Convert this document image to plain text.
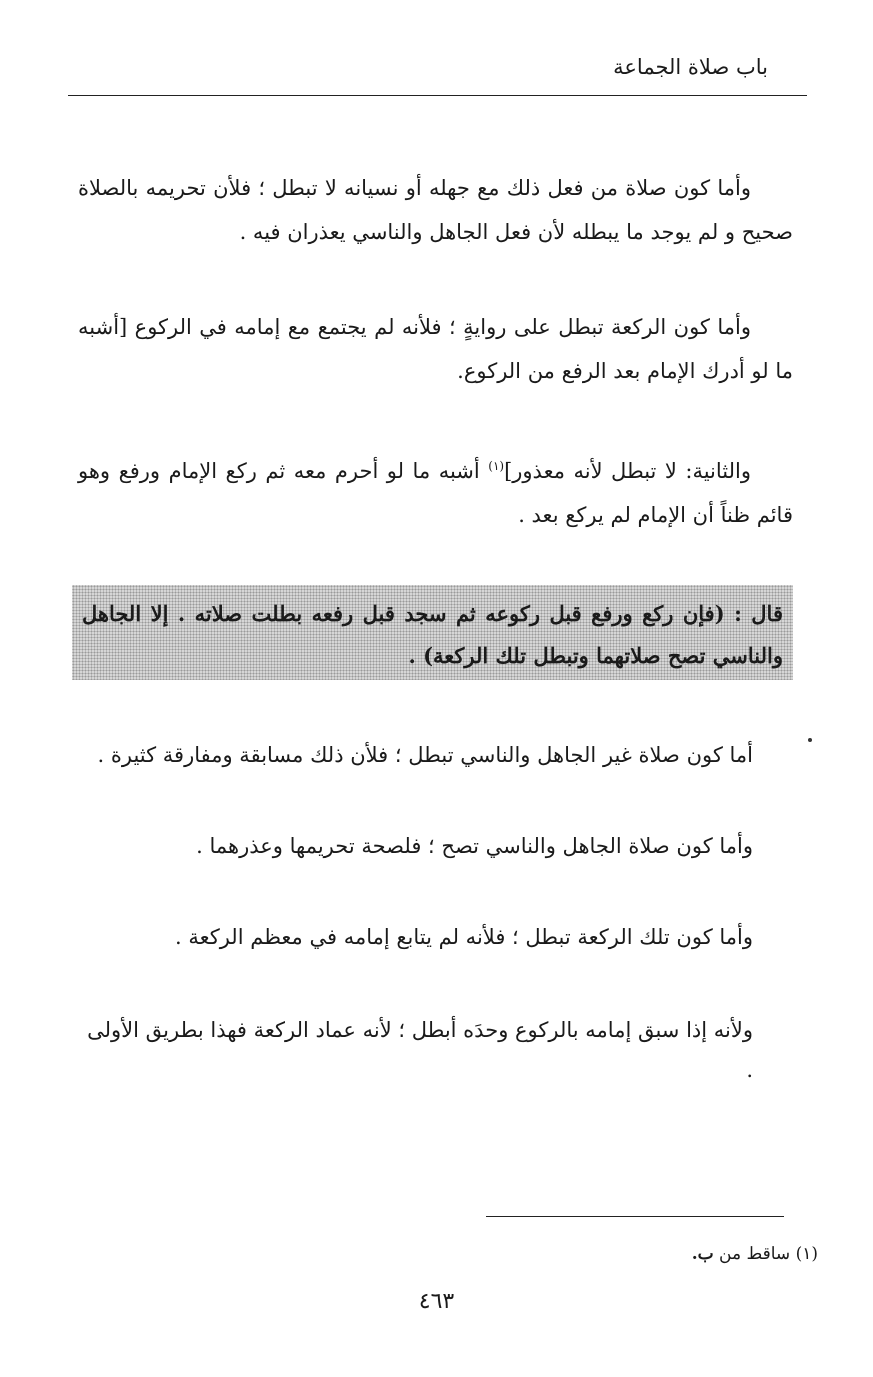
باب صلاة الجماعة

وأما كون صلاة من فعل ذلك مع جهله أو نسيانه لا تبطل ؛ فلأن تحريمه بالصلاة صحيح و لم يوجد ما يبطله لأن فعل الجاهل والناسي يعذران فيه .

وأما كون الركعة تبطل على روايةٍ ؛ فلأنه لم يجتمع مع إمامه في الركوع [أشبه ما لو أدرك الإمام بعد الرفع من الركوع.

والثانية: لا تبطل لأنه معذور]$^{(١)}$ أشبه ما لو أحرم معه ثم ركع الإمام ورفع وهو قائم ظناً أن الإمام لم يركع بعد .

قال : (فإن ركع ورفع قبل ركوعه ثم سجد قبل رفعه بطلت صلاته . إلا الجاهل والناسي تصح صلاتهما وتبطل تلك الركعة) .

أما كون صلاة غير الجاهل والناسي تبطل ؛ فلأن ذلك مسابقة ومفارقة كثيرة .

وأما كون صلاة الجاهل والناسي تصح ؛ فلصحة تحريمها وعذرهما .

وأما كون تلك الركعة تبطل ؛ فلأنه لم يتابع إمامه في معظم الركعة .

ولأنه إذا سبق إمامه بالركوع وحدَه أبطل ؛ لأنه عماد الركعة فهذا بطريق الأولى .

(١) ساقط من ب.
٤٦٣
